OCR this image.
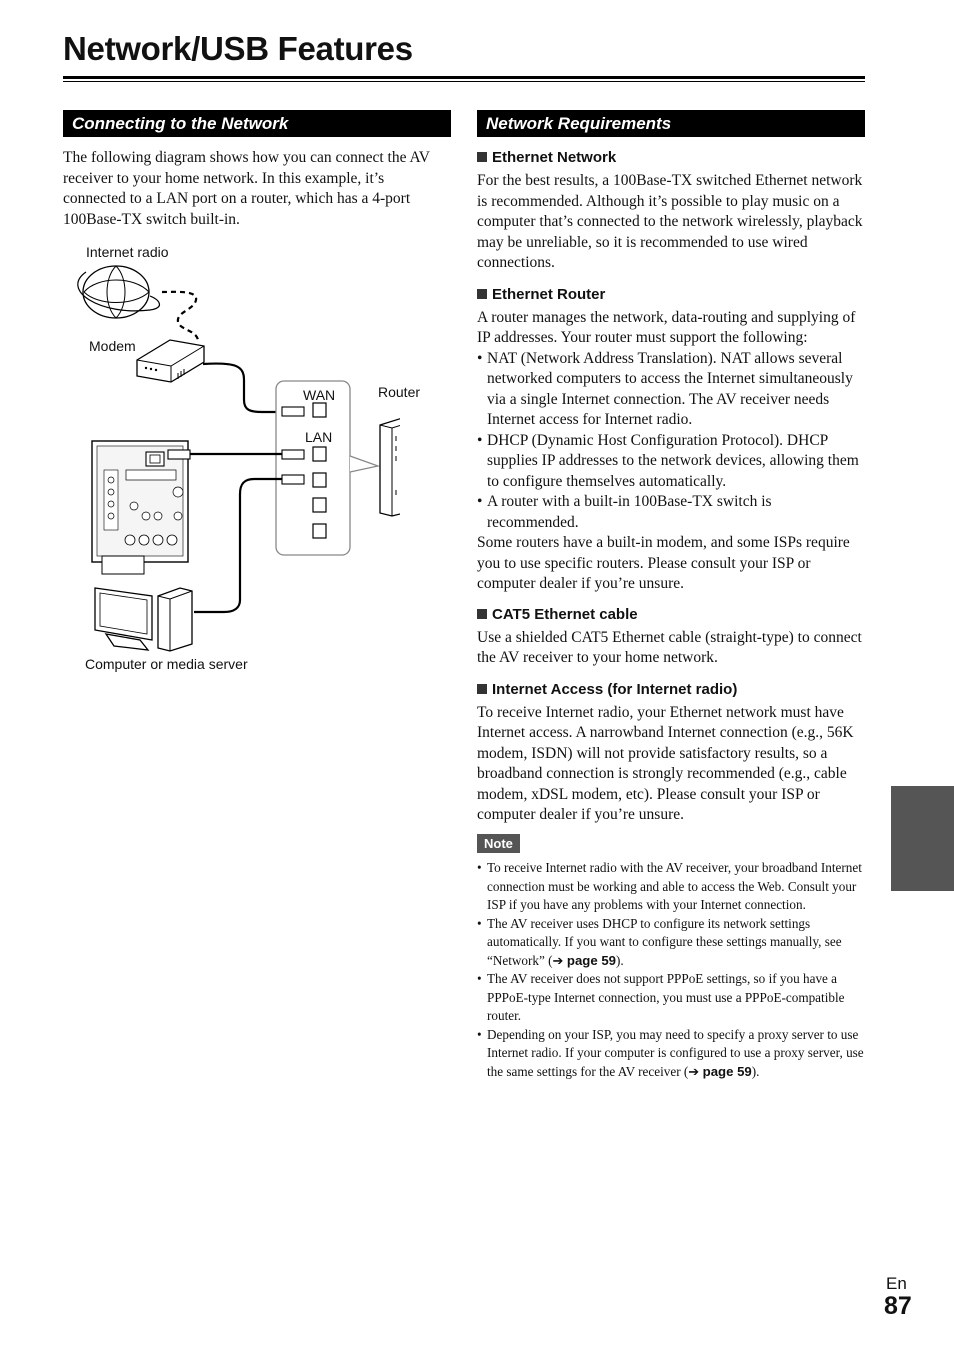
Network/USB Features
Connecting to the Network

The following diagram shows how you can connect the AV receiver to your home network. In this example, it’s connected to a LAN port on a router, which has a 4-port 100Base-TX switch built-in.

Internet radio
Modem
Router
WAN
LAN
Computer or media server
Network Requirements

Ethernet Network

For the best results, a 100Base-TX switched Ethernet network is recommended. Although it’s possible to play music on a computer that’s connected to the network wirelessly, playback may be unreliable, so it is recommended to use wired connections.

Ethernet Router

A router manages the network, data-routing and supplying of IP addresses. Your router must support the following:

• NAT (Network Address Translation). NAT allows several networked computers to access the Internet simultaneously via a single Internet connection. The AV receiver needs Internet access for Internet radio.
• DHCP (Dynamic Host Configuration Protocol). DHCP supplies IP addresses to the network devices, allowing them to configure themselves automatically.
• A router with a built-in 100Base-TX switch is recommended.

Some routers have a built-in modem, and some ISPs require you to use specific routers. Please consult your ISP or computer dealer if you’re unsure.

CAT5 Ethernet cable

Use a shielded CAT5 Ethernet cable (straight-type) to connect the AV receiver to your home network.

Internet Access (for Internet radio)

To receive Internet radio, your Ethernet network must have Internet access. A narrowband Internet connection (e.g., 56K modem, ISDN) will not provide satisfactory results, so a broadband connection is strongly recommended (e.g., cable modem, xDSL modem, etc). Please consult your ISP or computer dealer if you’re unsure.

Note
• To receive Internet radio with the AV receiver, your broadband Internet connection must be working and able to access the Web. Consult your ISP if you have any problems with your Internet connection.
• The AV receiver uses DHCP to configure its network settings automatically. If you want to configure these settings manually, see “Network” (➔ page 59).
• The AV receiver does not support PPPoE settings, so if you have a PPPoE-type Internet connection, you must use a PPPoE-compatible router.
• Depending on your ISP, you may need to specify a proxy server to use Internet radio. If your computer is configured to use a proxy server, use the same settings for the AV receiver (➔ page 59).
En
87
